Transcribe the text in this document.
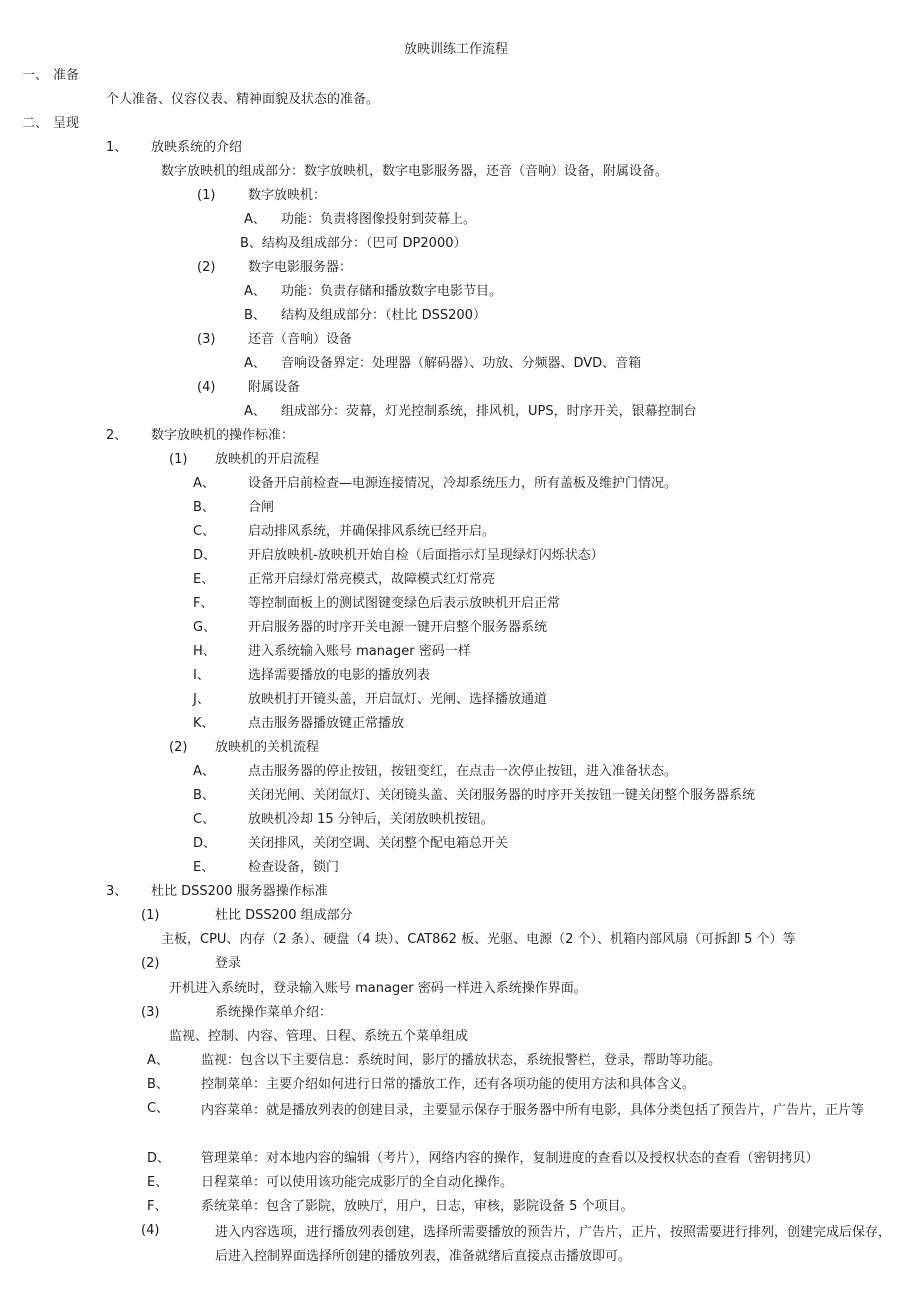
放映训练工作流程
一、 准备
个人准备、仪容仪表、精神面貌及状态的准备。
二、 呈现
1、 放映系统的介绍
数字放映机的组成部分：数字放映机，数字电影服务器，还音（音响）设备，附属设备。
(1)	数字放映机：
A、 功能：负责将图像投射到荧幕上。
B、结构及组成部分：（巴可 DP2000）
(2)	数字电影服务器：
A、 功能：负责存储和播放数字电影节目。
B、 结构及组成部分：（杜比 DSS200）
(3)	还音（音响）设备
A、 音响设备界定：处理器（解码器）、功放、分频器、DVD、音箱
(4)	附属设备
A、 组成部分：荧幕，灯光控制系统，排风机，UPS，时序开关，银幕控制台
2、 数字放映机的操作标准：
(1) 放映机的开启流程
A、	设备开启前检查—电源连接情况，冷却系统压力，所有盖板及维护门情况。
B、	合闸
C、	启动排风系统，并确保排风系统已经开启。
D、 开启放映机-放映机开始自检（后面指示灯呈现绿灯闪烁状态）
E、	正常开启绿灯常亮模式，故障模式红灯常亮
F、	等控制面板上的测试图键变绿色后表示放映机开启正常
G、 开启服务器的时序开关电源一键开启整个服务器系统
H、 进入系统输入账号 manager 密码一样
I、	选择需要播放的电影的播放列表
J、	放映机打开镜头盖，开启氙灯、光闸、选择播放通道
K、	点击服务器播放键正常播放
(2) 放映机的关机流程
A、	点击服务器的停止按钮，按钮变红，在点击一次停止按钮，进入准备状态。
B、	关闭光闸、关闭氙灯、关闭镜头盖、关闭服务器的时序开关按钮一键关闭整个服务器系统
C、	放映机冷却 15 分钟后，关闭放映机按钮。
D、 关闭排风，关闭空调、关闭整个配电箱总开关
E、	检查设备，锁门
3、 杜比 DSS200 服务器操作标准
(1)	杜比 DSS200 组成部分
主板，CPU、内存（2 条）、硬盘（4 块）、CAT862 板、光驱、电源（2 个）、机箱内部风扇（可拆卸 5 个）等
(2)	登录
开机进入系统时，登录输入账号 manager 密码一样进入系统操作界面。
(3)	系统操作菜单介绍：
监视、控制、内容、管理、日程、系统五个菜单组成
A、 监视：包含以下主要信息：系统时间，影厅的播放状态，系统报警栏，登录，帮助等功能。
B、 控制菜单：主要介绍如何进行日常的播放工作，还有各项功能的使用方法和具体含义。
C、 内容菜单：就是播放列表的创建目录，主要显示保存于服务器中所有电影，具体分类包括了预告片，广告片，正片等
D、 管理菜单：对本地内容的编辑（考片），网络内容的操作，复制进度的查看以及授权状态的查看（密钥拷贝）
E、	日程菜单：可以使用该功能完成影厅的全自动化操作。
F、	系统菜单：包含了影院，放映厅，用户，日志，审核，影院设备 5 个项目。
(4)	进入内容选项，进行播放列表创建，选择所需要播放的预告片，广告片，正片，按照需要进行排列，创建完成后保存，后进入控制界面选择所创建的播放列表，准备就绪后直接点击播放即可。
